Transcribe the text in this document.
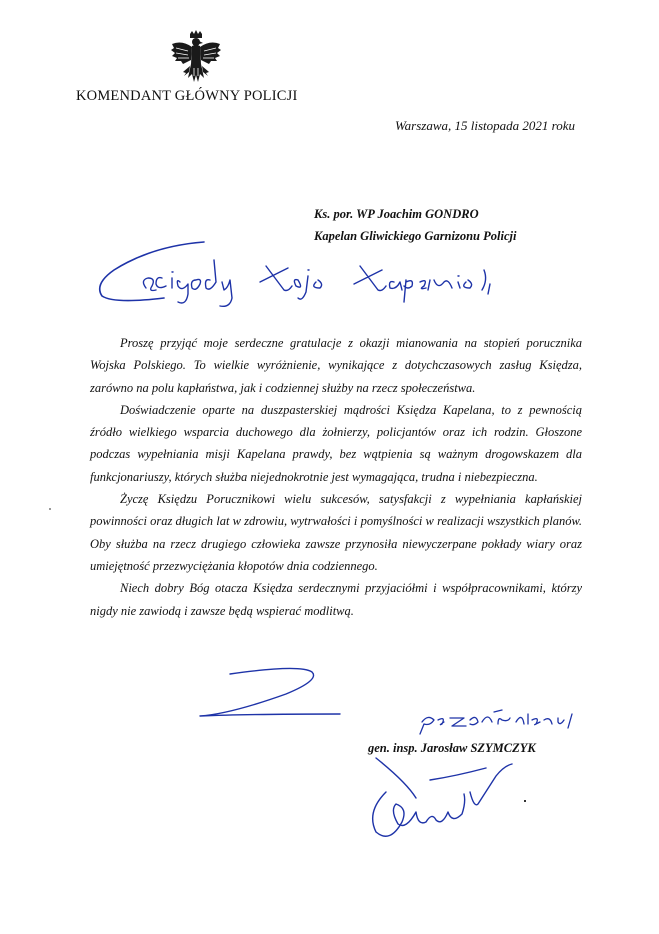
KOMENDANT GŁÓWNY POLICJI
Warszawa, 15 listopada 2021 roku
Ks. por. WP Joachim GONDRO
Kapelan Gliwickiego Garnizonu Policji

Proszę przyjąć moje serdeczne gratulacje z okazji mianowania na stopień porucznika Wojska Polskiego. To wielkie wyróżnienie, wynikające z dotychczasowych zasług Księdza, zarówno na polu kapłaństwa, jak i codziennej służby na rzecz społeczeństwa.

Doświadczenie oparte na duszpasterskiej mądrości Księdza Kapelana, to z pewnością źródło wielkiego wsparcia duchowego dla żołnierzy, policjantów oraz ich rodzin. Głoszone podczas wypełniania misji Kapelana prawdy, bez wątpienia są ważnym drogowskazem dla funkcjonariuszy, których służba niejednokrotnie jest wymagająca, trudna i niebezpieczna.

Życzę Księdzu Porucznikowi wielu sukcesów, satysfakcji z wypełniania kapłańskiej powinności oraz długich lat w zdrowiu, wytrwałości i pomyślności w realizacji wszystkich planów. Oby służba na rzecz drugiego człowieka zawsze przynosiła niewyczerpane pokłady wiary oraz umiejętność przezwyciężania kłopotów dnia codziennego.

Niech dobry Bóg otacza Księdza serdecznymi przyjaciółmi i współpracownikami, którzy nigdy nie zawiodą i zawsze będą wspierać modlitwą.

gen. insp. Jarosław SZYMCZYK
